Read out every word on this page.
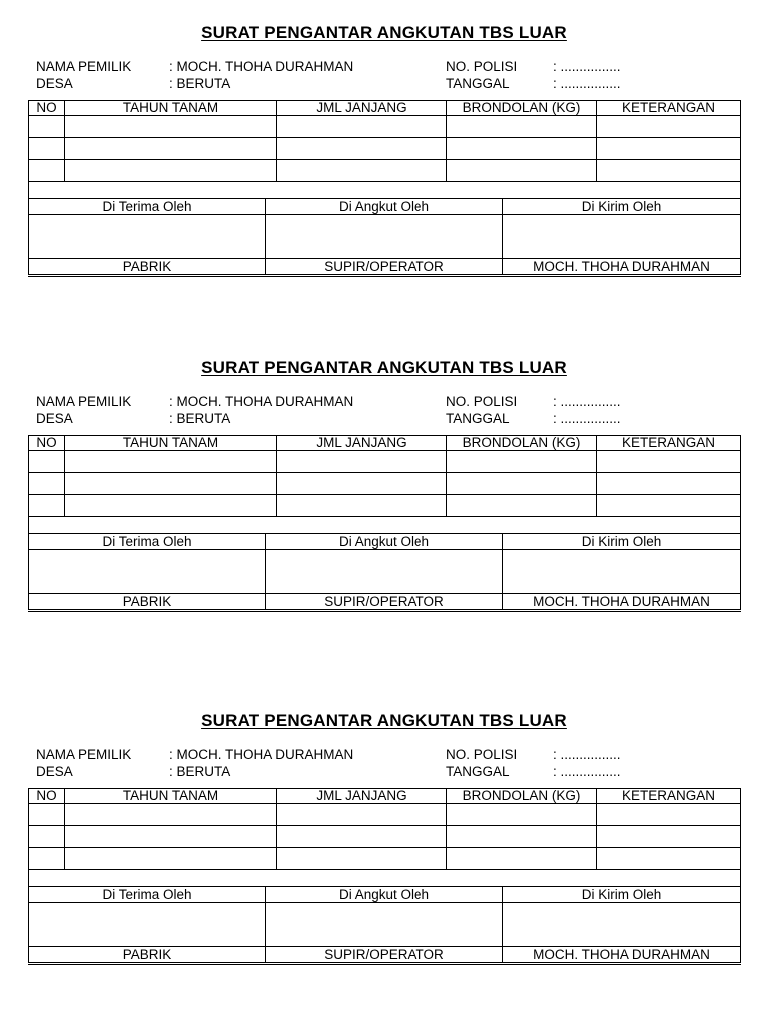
SURAT PENGANTAR ANGKUTAN TBS LUAR
NAMA PEMILIK	: MOCH. THOHA DURAHMAN	NO. POLISI	: ................
DESA	: BERUTA	TANGGAL	: ................
NO	TAHUN TANAM	JML JANJANG	BRONDOLAN (KG)	KETERANGAN

Di Terima Oleh	Di Angkut Oleh	Di Kirim Oleh

PABRIK	SUPIR/OPERATOR	MOCH. THOHA DURAHMAN
SURAT PENGANTAR ANGKUTAN TBS LUAR
NAMA PEMILIK	: MOCH. THOHA DURAHMAN	NO. POLISI	: ................
DESA	: BERUTA	TANGGAL	: ................
NO	TAHUN TANAM	JML JANJANG	BRONDOLAN (KG)	KETERANGAN

Di Terima Oleh	Di Angkut Oleh	Di Kirim Oleh

PABRIK	SUPIR/OPERATOR	MOCH. THOHA DURAHMAN
SURAT PENGANTAR ANGKUTAN TBS LUAR
NAMA PEMILIK	: MOCH. THOHA DURAHMAN	NO. POLISI	: ................
DESA	: BERUTA	TANGGAL	: ................
NO	TAHUN TANAM	JML JANJANG	BRONDOLAN (KG)	KETERANGAN

Di Terima Oleh	Di Angkut Oleh	Di Kirim Oleh

PABRIK	SUPIR/OPERATOR	MOCH. THOHA DURAHMAN
